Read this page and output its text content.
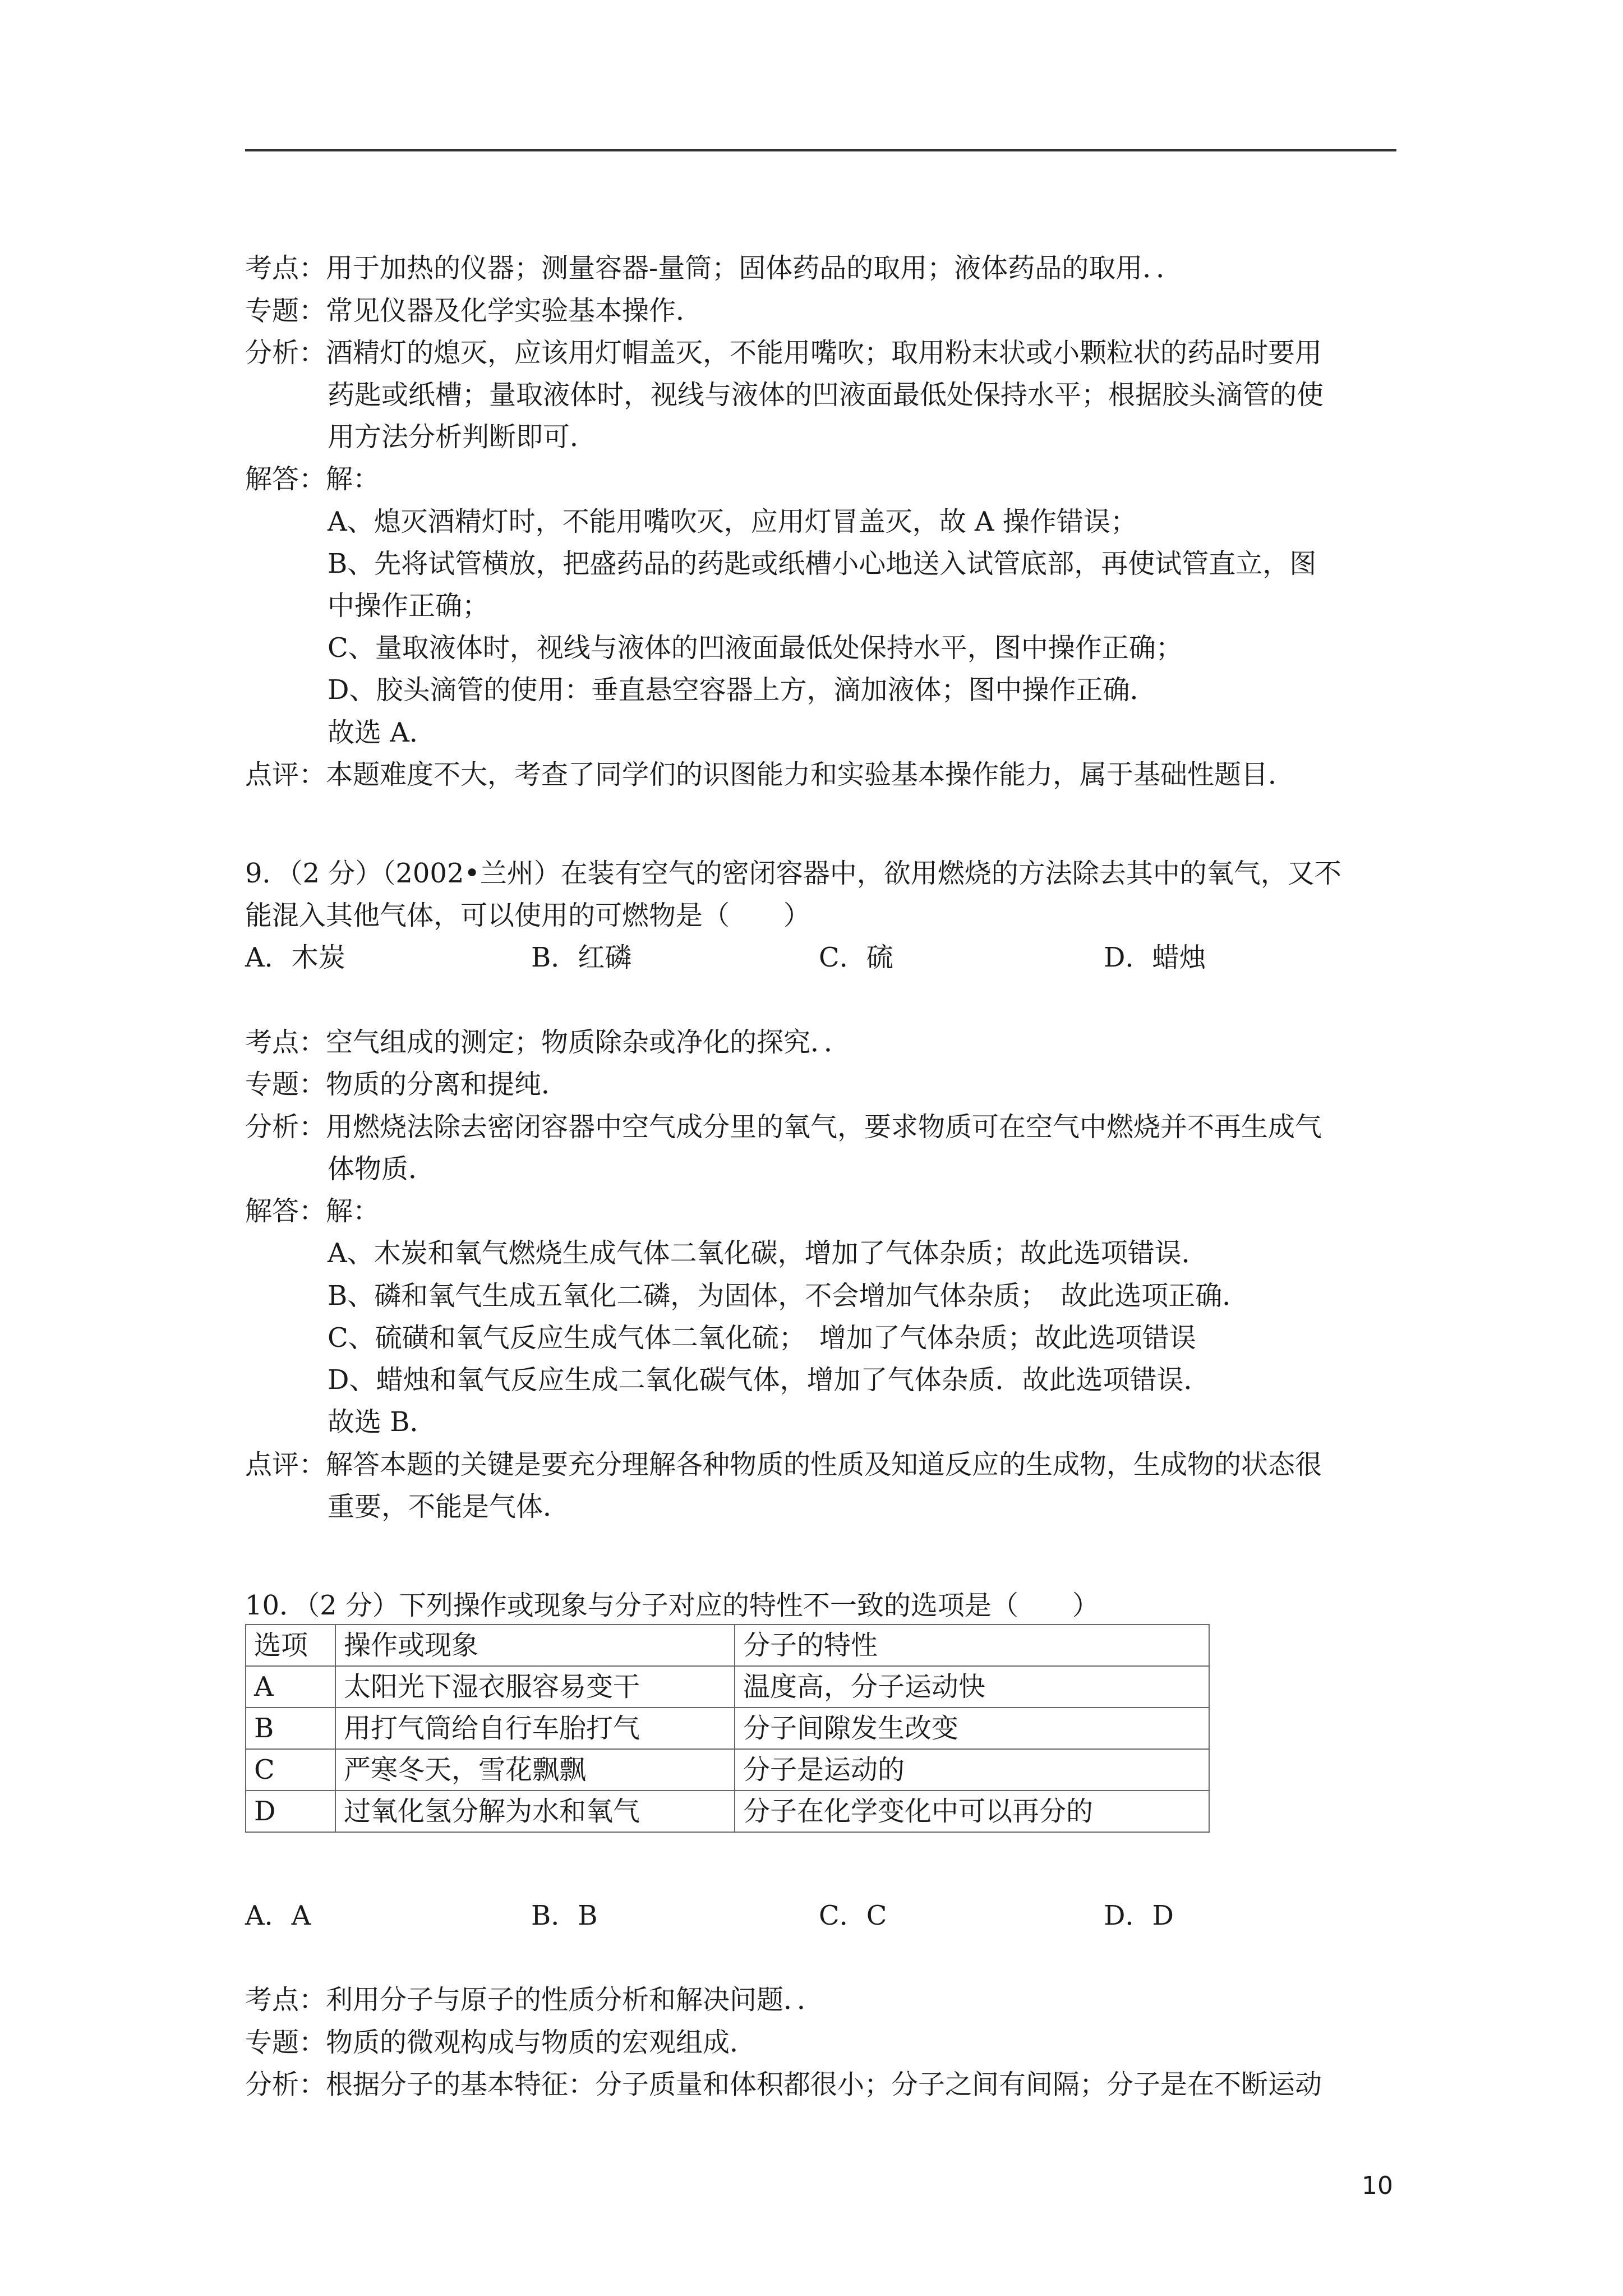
考点：用于加热的仪器；测量容器-量筒；固体药品的取用；液体药品的取用．．
专题：常见仪器及化学实验基本操作．
分析：酒精灯的熄灭，应该用灯帽盖灭，不能用嘴吹；取用粉末状或小颗粒状的药品时要用
药匙或纸槽；量取液体时，视线与液体的凹液面最低处保持水平；根据胶头滴管的使
用方法分析判断即可．
解答：解：
A、熄灭酒精灯时，不能用嘴吹灭，应用灯冒盖灭，故 A 操作错误；
B、先将试管横放，把盛药品的药匙或纸槽小心地送入试管底部，再使试管直立，图
中操作正确；
C、量取液体时，视线与液体的凹液面最低处保持水平，图中操作正确；
D、胶头滴管的使用：垂直悬空容器上方，滴加液体；图中操作正确．
故选 A．
点评：本题难度不大，考查了同学们的识图能力和实验基本操作能力，属于基础性题目．
9．（2 分）（2002•兰州）在装有空气的密闭容器中，欲用燃烧的方法除去其中的氧气，又不
能混入其他气体，可以使用的可燃物是（　　）
A．木炭	B．红磷	C．硫	D．蜡烛
考点：空气组成的测定；物质除杂或净化的探究．．
专题：物质的分离和提纯．
分析：用燃烧法除去密闭容器中空气成分里的氧气，要求物质可在空气中燃烧并不再生成气
体物质．
解答：解：
A、木炭和氧气燃烧生成气体二氧化碳，增加了气体杂质；故此选项错误．
B、磷和氧气生成五氧化二磷，为固体，不会增加气体杂质；　故此选项正确．
C、硫磺和氧气反应生成气体二氧化硫；　增加了气体杂质；故此选项错误
D、蜡烛和氧气反应生成二氧化碳气体，增加了气体杂质．故此选项错误．
故选 B．
点评：解答本题的关键是要充分理解各种物质的性质及知道反应的生成物，生成物的状态很
重要，不能是气体．
10．（2 分）下列操作或现象与分子对应的特性不一致的选项是（　　）
选项	操作或现象	分子的特性
A	太阳光下湿衣服容易变干	温度高，分子运动快
B	用打气筒给自行车胎打气	分子间隙发生改变
C	严寒冬天，雪花飘飘	分子是运动的
D	过氧化氢分解为水和氧气	分子在化学变化中可以再分的
A．A	B．B	C．C	D．D
考点：利用分子与原子的性质分析和解决问题．．
专题：物质的微观构成与物质的宏观组成．
分析：根据分子的基本特征：分子质量和体积都很小；分子之间有间隔；分子是在不断运动
10
